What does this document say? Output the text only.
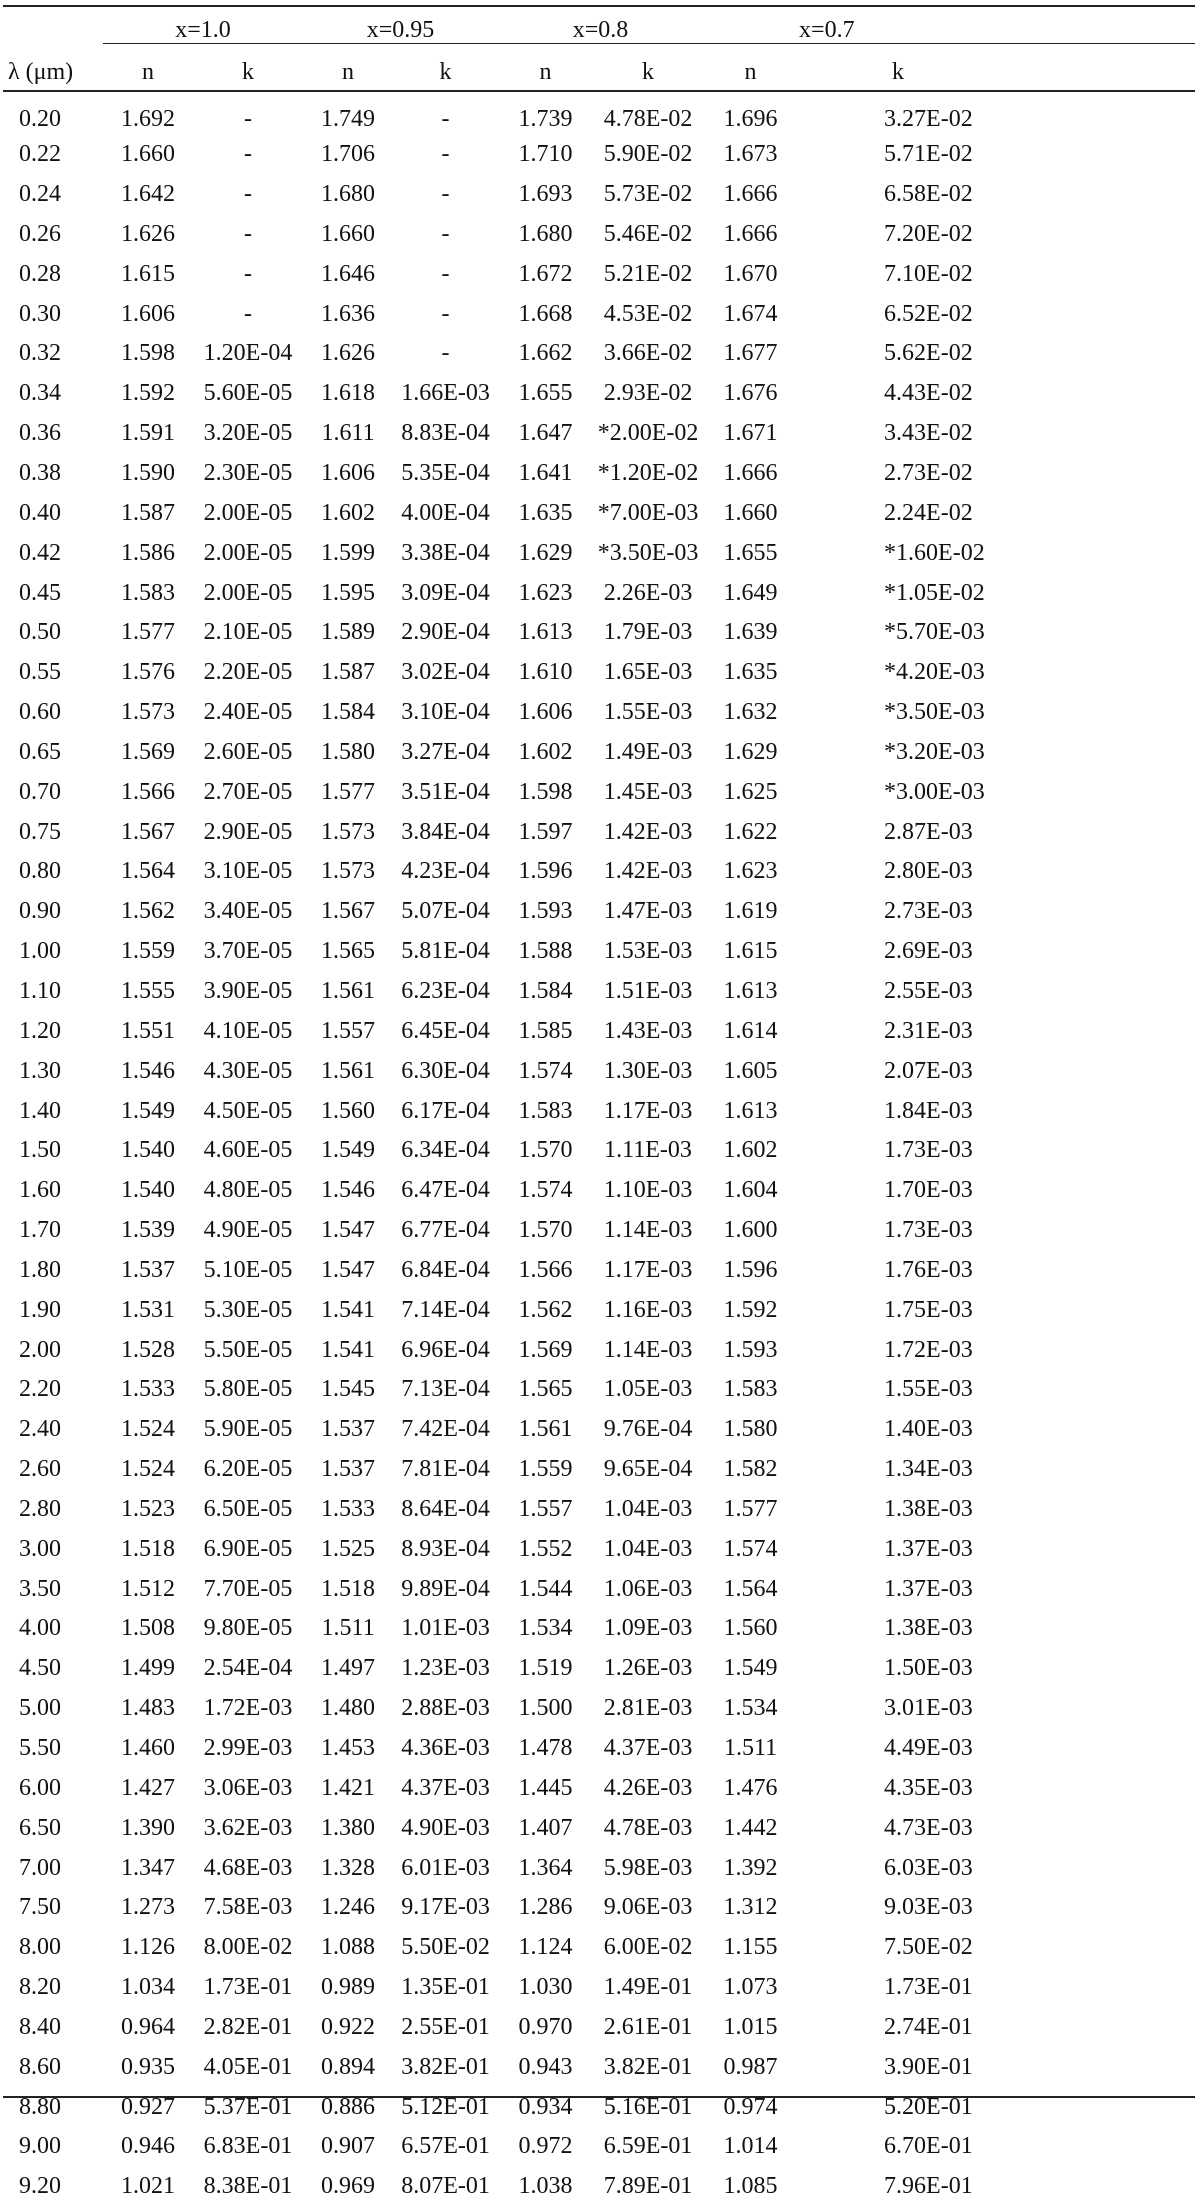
	x=1.0		x=0.95		x=0.8		x=0.7	
λ (μm)	n	k	n	k	n	k	n	k
0.20	1.692	-	1.749	-	1.739	4.78E-02	1.696	3.27E-02
0.22	1.660	-	1.706	-	1.710	5.90E-02	1.673	5.71E-02
0.24	1.642	-	1.680	-	1.693	5.73E-02	1.666	6.58E-02
0.26	1.626	-	1.660	-	1.680	5.46E-02	1.666	7.20E-02
0.28	1.615	-	1.646	-	1.672	5.21E-02	1.670	7.10E-02
0.30	1.606	-	1.636	-	1.668	4.53E-02	1.674	6.52E-02
0.32	1.598	1.20E-04	1.626	-	1.662	3.66E-02	1.677	5.62E-02
0.34	1.592	5.60E-05	1.618	1.66E-03	1.655	2.93E-02	1.676	4.43E-02
0.36	1.591	3.20E-05	1.611	8.83E-04	1.647	*2.00E-02	1.671	3.43E-02
0.38	1.590	2.30E-05	1.606	5.35E-04	1.641	*1.20E-02	1.666	2.73E-02
0.40	1.587	2.00E-05	1.602	4.00E-04	1.635	*7.00E-03	1.660	2.24E-02
0.42	1.586	2.00E-05	1.599	3.38E-04	1.629	*3.50E-03	1.655	*1.60E-02
0.45	1.583	2.00E-05	1.595	3.09E-04	1.623	2.26E-03	1.649	*1.05E-02
0.50	1.577	2.10E-05	1.589	2.90E-04	1.613	1.79E-03	1.639	*5.70E-03
0.55	1.576	2.20E-05	1.587	3.02E-04	1.610	1.65E-03	1.635	*4.20E-03
0.60	1.573	2.40E-05	1.584	3.10E-04	1.606	1.55E-03	1.632	*3.50E-03
0.65	1.569	2.60E-05	1.580	3.27E-04	1.602	1.49E-03	1.629	*3.20E-03
0.70	1.566	2.70E-05	1.577	3.51E-04	1.598	1.45E-03	1.625	*3.00E-03
0.75	1.567	2.90E-05	1.573	3.84E-04	1.597	1.42E-03	1.622	2.87E-03
0.80	1.564	3.10E-05	1.573	4.23E-04	1.596	1.42E-03	1.623	2.80E-03
0.90	1.562	3.40E-05	1.567	5.07E-04	1.593	1.47E-03	1.619	2.73E-03
1.00	1.559	3.70E-05	1.565	5.81E-04	1.588	1.53E-03	1.615	2.69E-03
1.10	1.555	3.90E-05	1.561	6.23E-04	1.584	1.51E-03	1.613	2.55E-03
1.20	1.551	4.10E-05	1.557	6.45E-04	1.585	1.43E-03	1.614	2.31E-03
1.30	1.546	4.30E-05	1.561	6.30E-04	1.574	1.30E-03	1.605	2.07E-03
1.40	1.549	4.50E-05	1.560	6.17E-04	1.583	1.17E-03	1.613	1.84E-03
1.50	1.540	4.60E-05	1.549	6.34E-04	1.570	1.11E-03	1.602	1.73E-03
1.60	1.540	4.80E-05	1.546	6.47E-04	1.574	1.10E-03	1.604	1.70E-03
1.70	1.539	4.90E-05	1.547	6.77E-04	1.570	1.14E-03	1.600	1.73E-03
1.80	1.537	5.10E-05	1.547	6.84E-04	1.566	1.17E-03	1.596	1.76E-03
1.90	1.531	5.30E-05	1.541	7.14E-04	1.562	1.16E-03	1.592	1.75E-03
2.00	1.528	5.50E-05	1.541	6.96E-04	1.569	1.14E-03	1.593	1.72E-03
2.20	1.533	5.80E-05	1.545	7.13E-04	1.565	1.05E-03	1.583	1.55E-03
2.40	1.524	5.90E-05	1.537	7.42E-04	1.561	9.76E-04	1.580	1.40E-03
2.60	1.524	6.20E-05	1.537	7.81E-04	1.559	9.65E-04	1.582	1.34E-03
2.80	1.523	6.50E-05	1.533	8.64E-04	1.557	1.04E-03	1.577	1.38E-03
3.00	1.518	6.90E-05	1.525	8.93E-04	1.552	1.04E-03	1.574	1.37E-03
3.50	1.512	7.70E-05	1.518	9.89E-04	1.544	1.06E-03	1.564	1.37E-03
4.00	1.508	9.80E-05	1.511	1.01E-03	1.534	1.09E-03	1.560	1.38E-03
4.50	1.499	2.54E-04	1.497	1.23E-03	1.519	1.26E-03	1.549	1.50E-03
5.00	1.483	1.72E-03	1.480	2.88E-03	1.500	2.81E-03	1.534	3.01E-03
5.50	1.460	2.99E-03	1.453	4.36E-03	1.478	4.37E-03	1.511	4.49E-03
6.00	1.427	3.06E-03	1.421	4.37E-03	1.445	4.26E-03	1.476	4.35E-03
6.50	1.390	3.62E-03	1.380	4.90E-03	1.407	4.78E-03	1.442	4.73E-03
7.00	1.347	4.68E-03	1.328	6.01E-03	1.364	5.98E-03	1.392	6.03E-03
7.50	1.273	7.58E-03	1.246	9.17E-03	1.286	9.06E-03	1.312	9.03E-03
8.00	1.126	8.00E-02	1.088	5.50E-02	1.124	6.00E-02	1.155	7.50E-02
8.20	1.034	1.73E-01	0.989	1.35E-01	1.030	1.49E-01	1.073	1.73E-01
8.40	0.964	2.82E-01	0.922	2.55E-01	0.970	2.61E-01	1.015	2.74E-01
8.60	0.935	4.05E-01	0.894	3.82E-01	0.943	3.82E-01	0.987	3.90E-01
8.80	0.927	5.37E-01	0.886	5.12E-01	0.934	5.16E-01	0.974	5.20E-01
9.00	0.946	6.83E-01	0.907	6.57E-01	0.972	6.59E-01	1.014	6.70E-01
9.20	1.021	8.38E-01	0.969	8.07E-01	1.038	7.89E-01	1.085	7.96E-01
